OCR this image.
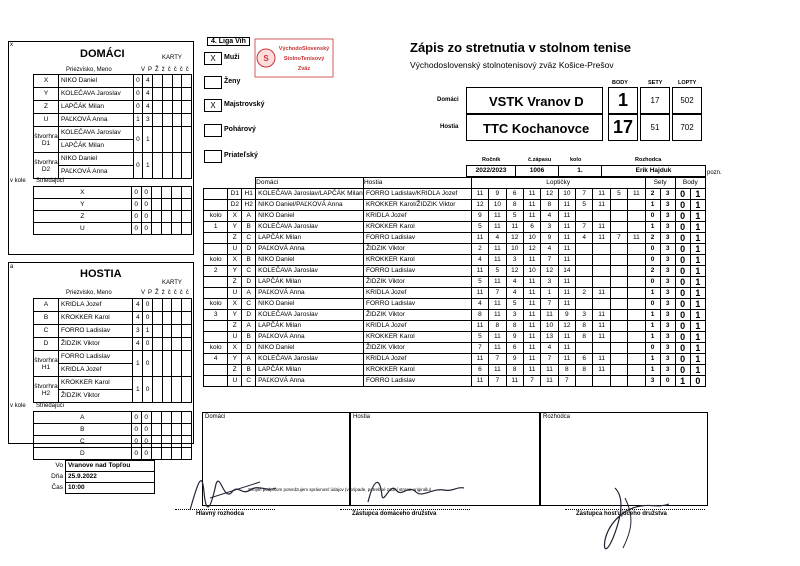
x
DOMÁCI	KARTY
Priezvisko, Meno	VPŽžčččč
X	NIKO Daniel	0	4				
Y	KOLEČAVA Jaroslav	0	4				
Z	LAPČÁK Milan	0	4				
U	PAĽKOVÁ Anna	1	3				
štvorhra D1	KOLEČAVA Jaroslav	0	1				
	LAPČÁK Milan						
štvorhra D2	NIKO Daniel	0	1				
	PAĽKOVÁ Anna						
v kole Striedajúci
X	0	0				
Y	0	0				
Z	0	0				
U	0	0				
a
HOSTIA
KARTY
Priezvisko, Meno	VPŽžčččč
A	KRIDLA Jozef	4	0				
B	KROKKER Karol	4	0				
C	FORRO Ladislav	3	1				
D	ŽIDZIK Viktor	4	0				
štvorhra H1	FORRO Ladislav	1	0				
	KRIDLA Jozef						
štvorhra H2	KROKKER Karol	1	0				
	ŽIDZIK Viktor						
v kole Striedajúci
A	0	0				
B	0	0				
C	0	0				
D	0	0				
Vo	Vranove nad Topľou
Dňa	25.9.2022
Čas	10:00
4. Liga Vih
S
VýchodoSlovenský
StolnoTenisový
Zväz
X	Muži
Ženy
X	Majstrovský
Pohárový
Priateľský
Zápis zo stretnutia v stolnom tenise
Východoslovenský stolnotenisový zväz Košice-Prešov
BODY	SETY	LOPTY
Domáci	VSTK Vranov D	1	17	502
Hostia	TTC Kochanovce	17	51	702
Ročník	č.zápasu	kolo	Rozhodca
2022/2023	1006	1.	Erik Hajduk	pozn.
			Domáci	Hostia	Loptičky										Sety		Body	
	D1	H1	KOLEČAVA Jaroslav/LAPČÁK Milan	FORRO Ladislav/KRIDLA Jozef	11	9	6	11	12	10	7	11	5	11	2	3	0	1
	D2	H2	NIKO Daniel/PAĽKOVÁ Anna	KROKKER Karol/ŽIDZIK Viktor	12	10	8	11	8	11	5	11			1	3	0	1
kolo	X	A	NIKO Daniel	KRIDLA Jozef	9	11	5	11	4	11					0	3	0	1
1	Y	B	KOLEČAVA Jaroslav	KROKKER Karol	5	11	11	6	3	11	7	11			1	3	0	1
	Z	C	LAPČÁK Milan	FORRO Ladislav	11	4	12	10	9	11	4	11	7	11	2	3	0	1
	U	D	PAĽKOVÁ Anna	ŽIDZIK Viktor	2	11	10	12	4	11					0	3	0	1
kolo	X	B	NIKO Daniel	KROKKER Karol	4	11	3	11	7	11					0	3	0	1
2	Y	C	KOLEČAVA Jaroslav	FORRO Ladislav	11	5	12	10	12	14					2	3	0	1
	Z	D	LAPČÁK Milan	ŽIDZIK Viktor	5	11	4	11	3	11					0	3	0	1
	U	A	PAĽKOVÁ Anna	KRIDLA Jozef	11	7	4	11	1	11	2	11			1	3	0	1
kolo	X	C	NIKO Daniel	FORRO Ladislav	4	11	5	11	7	11					0	3	0	1
3	Y	D	KOLEČAVA Jaroslav	ŽIDZIK Viktor	8	11	3	11	11	9	3	11			1	3	0	1
	Z	A	LAPČÁK Milan	KRIDLA Jozef	11	8	8	11	10	12	8	11			1	3	0	1
	U	B	PAĽKOVÁ Anna	KROKKER Karol	5	11	9	11	13	11	8	11			1	3	0	1
kolo	X	D	NIKO Daniel	ŽIDZIK Viktor	7	11	6	11	4	11					0	3	0	1
4	Y	A	KOLEČAVA Jaroslav	KRIDLA Jozef	11	7	9	11	7	11	6	11			1	3	0	1
	Z	B	LAPČÁK Milan	KROKKER Karol	6	11	8	11	11	8	8	11			1	3	0	1
	U	C	PAĽKOVÁ Anna	FORRO Ladislav	11	7	11	7	11	7					3	0	1	0
Domáci	Hostia	Rozhodca
Svojim podpisom potvrdzujem správnosť údajov (v prípade, potrebné zadní strana originálu)
Hlavný rozhodca	Zástupca domáceho družstva	Zástupca hosťujúceho družstva
